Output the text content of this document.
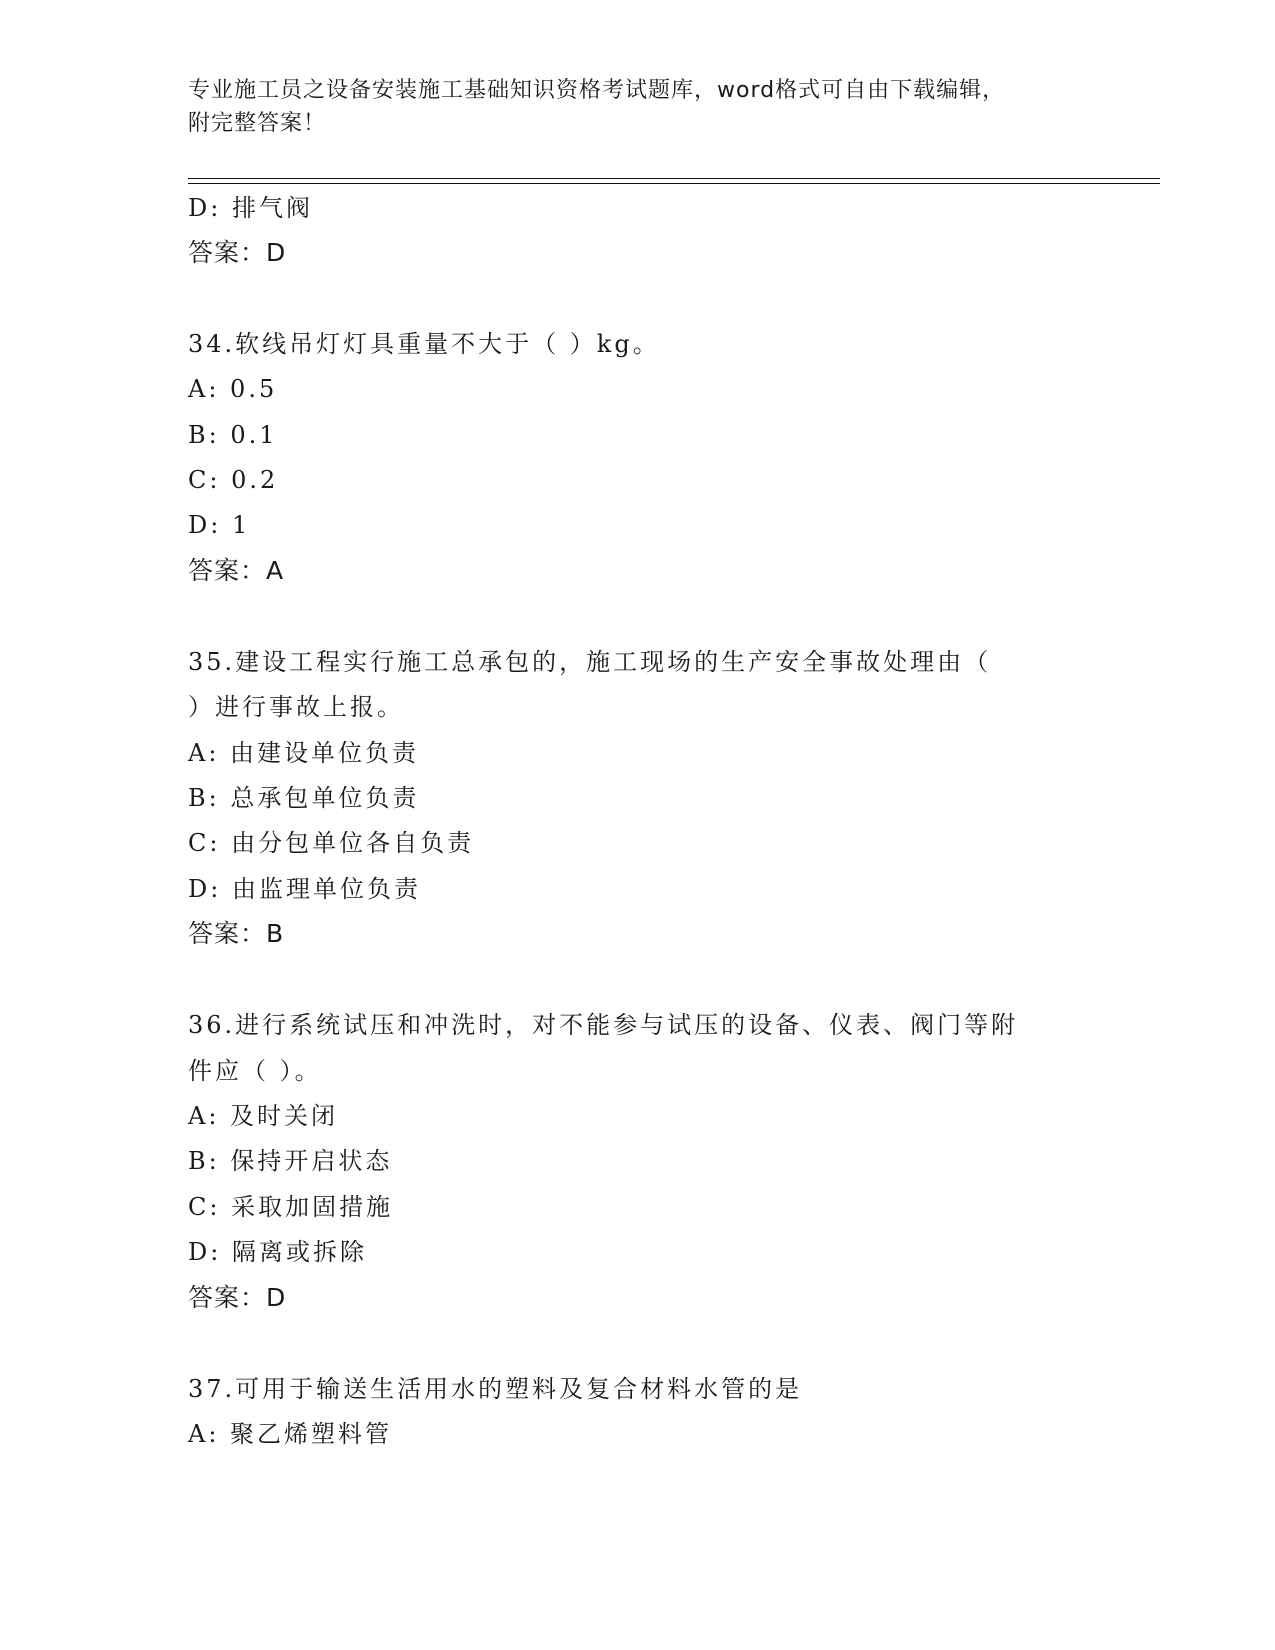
专业施工员之设备安装施工基础知识资格考试题库，word格式可自由下载编辑，
附完整答案！
D: 排气阀
答案：D
34.软线吊灯灯具重量不大于（ ）kg。
A: 0.5
B: 0.1
C: 0.2
D: 1
答案：A
35.建设工程实行施工总承包的，施工现场的生产安全事故处理由（
）进行事故上报。
A: 由建设单位负责
B: 总承包单位负责
C: 由分包单位各自负责
D: 由监理单位负责
答案：B
36.进行系统试压和冲洗时，对不能参与试压的设备、仪表、阀门等附
件应（ ）。
A: 及时关闭
B: 保持开启状态
C: 采取加固措施
D: 隔离或拆除
答案：D
37.可用于输送生活用水的塑料及复合材料水管的是
A: 聚乙烯塑料管
